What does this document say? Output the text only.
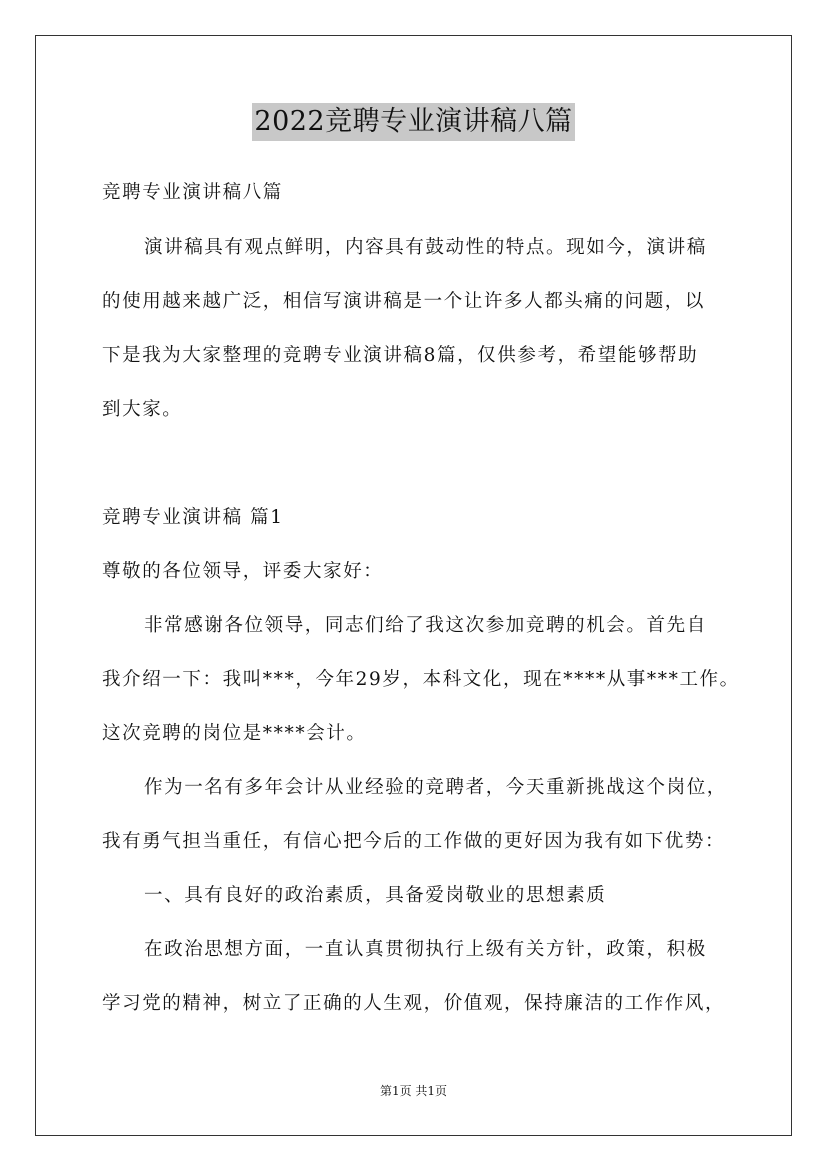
2022竞聘专业演讲稿八篇
竞聘专业演讲稿八篇
演讲稿具有观点鲜明，内容具有鼓动性的特点。现如今，演讲稿
的使用越来越广泛，相信写演讲稿是一个让许多人都头痛的问题，以
下是我为大家整理的竞聘专业演讲稿8篇，仅供参考，希望能够帮助
到大家。
竞聘专业演讲稿 篇1
尊敬的各位领导，评委大家好：
非常感谢各位领导，同志们给了我这次参加竞聘的机会。首先自
我介绍一下：我叫***，今年29岁，本科文化，现在****从事***工作。
这次竞聘的岗位是****会计。
作为一名有多年会计从业经验的竞聘者，今天重新挑战这个岗位，
我有勇气担当重任，有信心把今后的工作做的更好因为我有如下优势：
一、具有良好的政治素质，具备爱岗敬业的思想素质
在政治思想方面，一直认真贯彻执行上级有关方针，政策，积极
学习党的精神，树立了正确的人生观，价值观，保持廉洁的工作作风，
第1页 共1页
